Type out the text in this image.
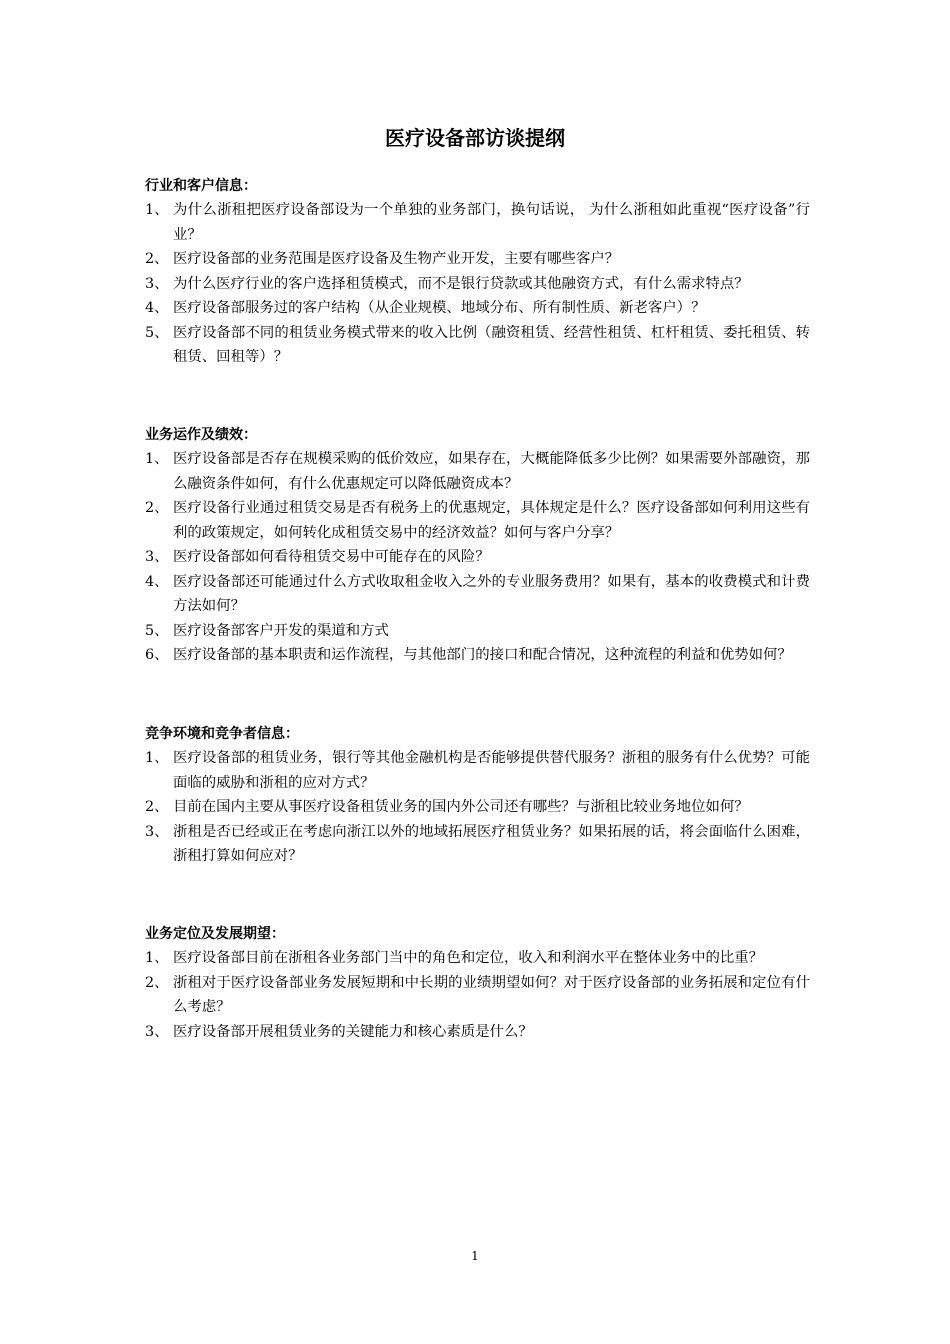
医疗设备部访谈提纲
行业和客户信息：
1、 为什么浙租把医疗设备部设为一个单独的业务部门，换句话说， 为什么浙租如此重视“医疗设备”行业？
2、 医疗设备部的业务范围是医疗设备及生物产业开发，主要有哪些客户？
3、 为什么医疗行业的客户选择租赁模式，而不是银行贷款或其他融资方式，有什么需求特点？
4、 医疗设备部服务过的客户结构（从企业规模、地域分布、所有制性质、新老客户）？
5、 医疗设备部不同的租赁业务模式带来的收入比例（融资租赁、经营性租赁、杠杆租赁、委托租赁、转租赁、回租等）？
业务运作及绩效：
1、 医疗设备部是否存在规模采购的低价效应，如果存在，大概能降低多少比例？如果需要外部融资，那么融资条件如何，有什么优惠规定可以降低融资成本？
2、 医疗设备行业通过租赁交易是否有税务上的优惠规定，具体规定是什么？医疗设备部如何利用这些有利的政策规定，如何转化成租赁交易中的经济效益？如何与客户分享？
3、 医疗设备部如何看待租赁交易中可能存在的风险？
4、 医疗设备部还可能通过什么方式收取租金收入之外的专业服务费用？如果有，基本的收费模式和计费方法如何？
5、 医疗设备部客户开发的渠道和方式
6、 医疗设备部的基本职责和运作流程，与其他部门的接口和配合情况，这种流程的利益和优势如何？
竞争环境和竞争者信息：
1、 医疗设备部的租赁业务，银行等其他金融机构是否能够提供替代服务？浙租的服务有什么优势？可能面临的威胁和浙租的应对方式？
2、 目前在国内主要从事医疗设备租赁业务的国内外公司还有哪些？与浙租比较业务地位如何？
3、 浙租是否已经或正在考虑向浙江以外的地域拓展医疗租赁业务？如果拓展的话，将会面临什么困难，浙租打算如何应对？
业务定位及发展期望：
1、 医疗设备部目前在浙租各业务部门当中的角色和定位，收入和利润水平在整体业务中的比重？
2、 浙租对于医疗设备部业务发展短期和中长期的业绩期望如何？对于医疗设备部的业务拓展和定位有什么考虑？
3、 医疗设备部开展租赁业务的关键能力和核心素质是什么？
1
